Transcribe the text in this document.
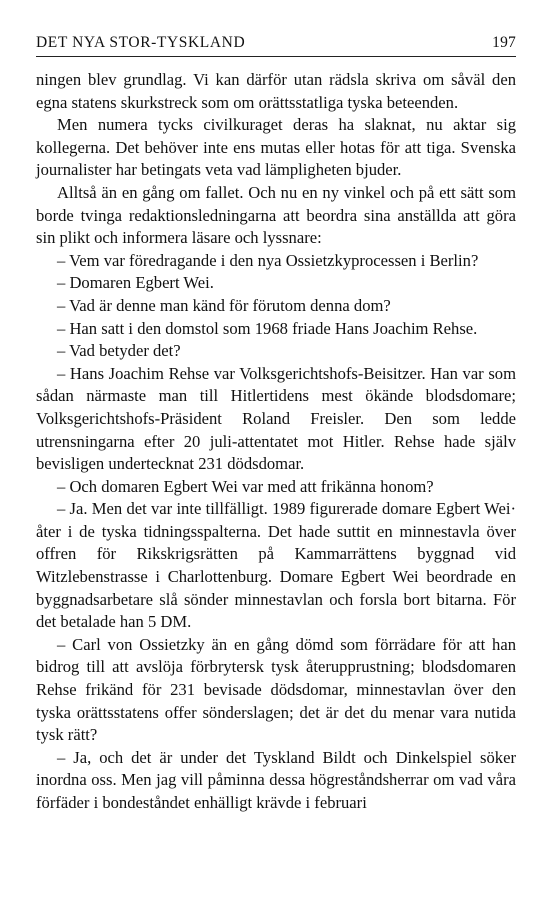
DET NYA STOR-TYSKLAND	197

ningen blev grundlag. Vi kan därför utan rädsla skriva om såväl den egna statens skurkstreck som om orättsstatliga tyska beteenden.

Men numera tycks civilkuraget deras ha slaknat, nu aktar sig kollegerna. Det behöver inte ens mutas eller hotas för att tiga. Svenska journalister har betingats veta vad lämpligheten bjuder.

Alltså än en gång om fallet. Och nu en ny vinkel och på ett sätt som borde tvinga redaktionsledningarna att beordra sina anställda att göra sin plikt och informera läsare och lyssnare:

– Vem var föredragande i den nya Ossietzkyprocessen i Berlin?

– Domaren Egbert Wei.

– Vad är denne man känd för förutom denna dom?

– Han satt i den domstol som 1968 friade Hans Joachim Rehse.

– Vad betyder det?

– Hans Joachim Rehse var Volksgerichtshofs-Beisitzer. Han var som sådan närmaste man till Hitlertidens mest ökände blodsdomare; Volksgerichtshofs-Präsident Roland Freisler. Den som ledde utrensningarna efter 20 juli-attentatet mot Hitler. Rehse hade själv bevisligen undertecknat 231 dödsdomar.

– Och domaren Egbert Wei var med att frikänna honom?

– Ja. Men det var inte tillfälligt. 1989 figurerade domare Egbert Wei· åter i de tyska tidningsspalterna. Det hade suttit en minnestavla över offren för Rikskrigsrätten på Kammarrättens byggnad vid Witzlebenstrasse i Charlottenburg. Domare Egbert Wei beordrade en byggnadsarbetare slå sönder minnestavlan och forsla bort bitarna. För det betalade han 5 DM.

– Carl von Ossietzky än en gång dömd som förrädare för att han bidrog till att avslöja förbrytersk tysk återupprustning; blodsdomaren Rehse frikänd för 231 bevisade dödsdomar, minnestavlan över den tyska orättsstatens offer sönderslagen; det är det du menar vara nutida tysk rätt?

– Ja, och det är under det Tyskland Bildt och Dinkelspiel söker inordna oss. Men jag vill påminna dessa högreståndsherrar om vad våra förfäder i bondeståndet enhälligt krävde i februari
